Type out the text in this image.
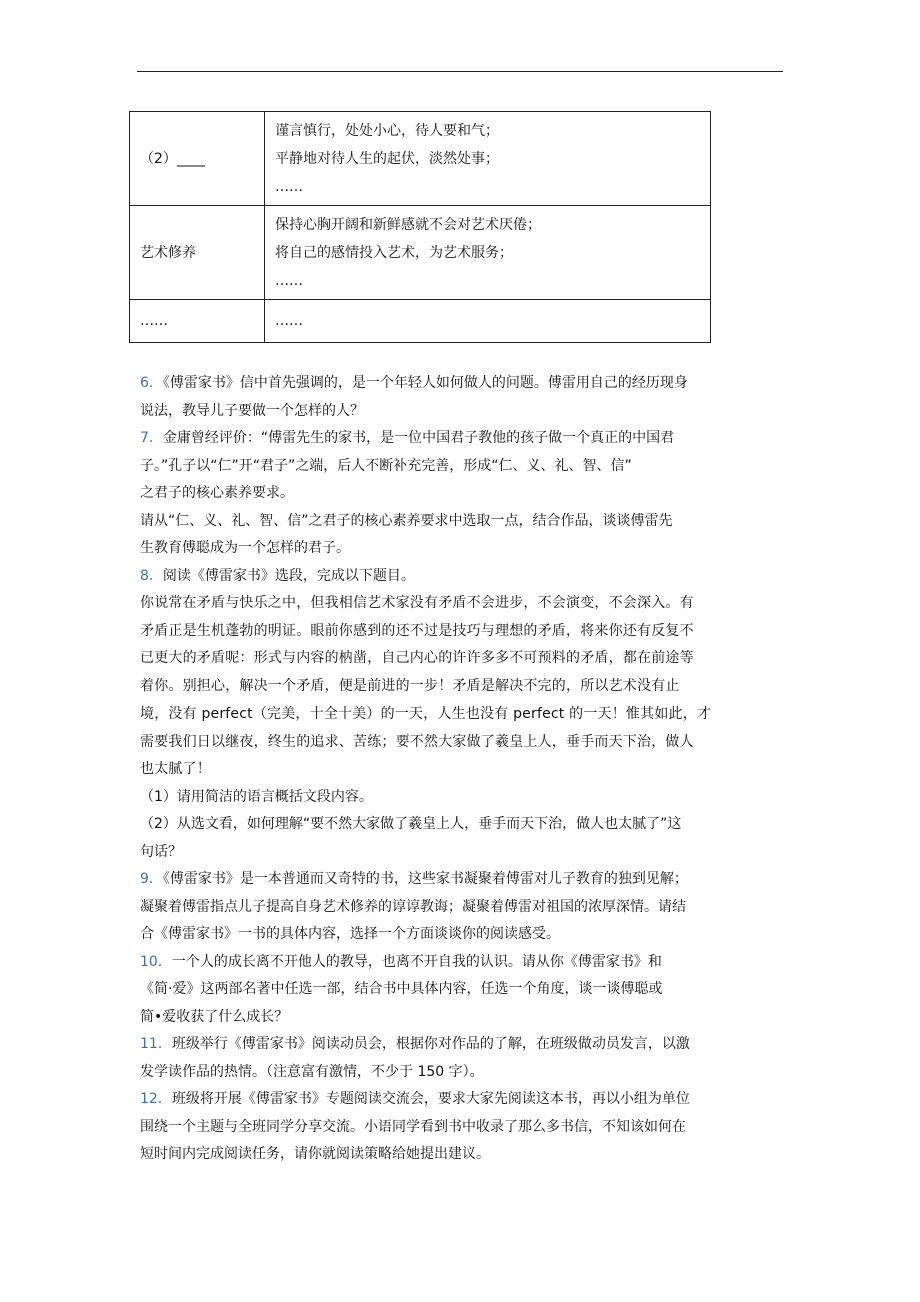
（2）____	谨言慎行，处处小心，待人要和气；
平静地对待人生的起伏，淡然处事；
……

艺术修养	保持心胸开阔和新鲜感就不会对艺术厌倦；
将自己的感情投入艺术，为艺术服务；
……

……	……

6．《傅雷家书》信中首先强调的，是一个年轻人如何做人的问题。傅雷用自己的经历现身

说法，教导儿子要做一个怎样的人？

7．金庸曾经评价：“傅雷先生的家书，是一位中国君子教他的孩子做一个真正的中国君

子。”孔子以“仁”开“君子”之端，后人不断补充完善，形成“仁、义、礼、智、信”

之君子的核心素养要求。

请从“仁、义、礼、智、信”之君子的核心素养要求中选取一点，结合作品，谈谈傅雷先

生教育傅聪成为一个怎样的君子。

8．阅读《傅雷家书》选段，完成以下题目。

你说常在矛盾与快乐之中，但我相信艺术家没有矛盾不会进步，不会演变，不会深入。有

矛盾正是生机蓬勃的明证。眼前你感到的还不过是技巧与理想的矛盾，将来你还有反复不

已更大的矛盾呢：形式与内容的枘凿，自己内心的许许多多不可预料的矛盾，都在前途等

着你。别担心，解决一个矛盾，便是前进的一步！矛盾是解决不完的，所以艺术没有止

境，没有 perfect（完美，十全十美）的一天，人生也没有 perfect 的一天！惟其如此，才

需要我们日以继夜，终生的追求、苦练；要不然大家做了羲皇上人，垂手而天下治，做人

也太腻了！

（1）请用简洁的语言概括文段内容。

（2）从选文看，如何理解“要不然大家做了羲皇上人，垂手而天下治，做人也太腻了”这

句话？

9．《傅雷家书》是一本普通而又奇特的书，这些家书凝聚着傅雷对儿子教育的独到见解；

凝聚着傅雷指点儿子提高自身艺术修养的谆谆教诲；凝聚着傅雷对祖国的浓厚深情。请结

合《傅雷家书》一书的具体内容，选择一个方面谈谈你的阅读感受。

10．一个人的成长离不开他人的教导，也离不开自我的认识。请从你《傅雷家书》和

《简·爱》这两部名著中任选一部，结合书中具体内容，任选一个角度，谈一谈傅聪或

简•爱收获了什么成长？

11．班级举行《傅雷家书》阅读动员会，根据你对作品的了解，在班级做动员发言，以激

发学读作品的热情。（注意富有激情，不少于 150 字）。

12．班级将开展《傅雷家书》专题阅读交流会，要求大家先阅读这本书，再以小组为单位

围绕一个主题与全班同学分享交流。小语同学看到书中收录了那么多书信，不知该如何在

短时间内完成阅读任务，请你就阅读策略给她提出建议。
